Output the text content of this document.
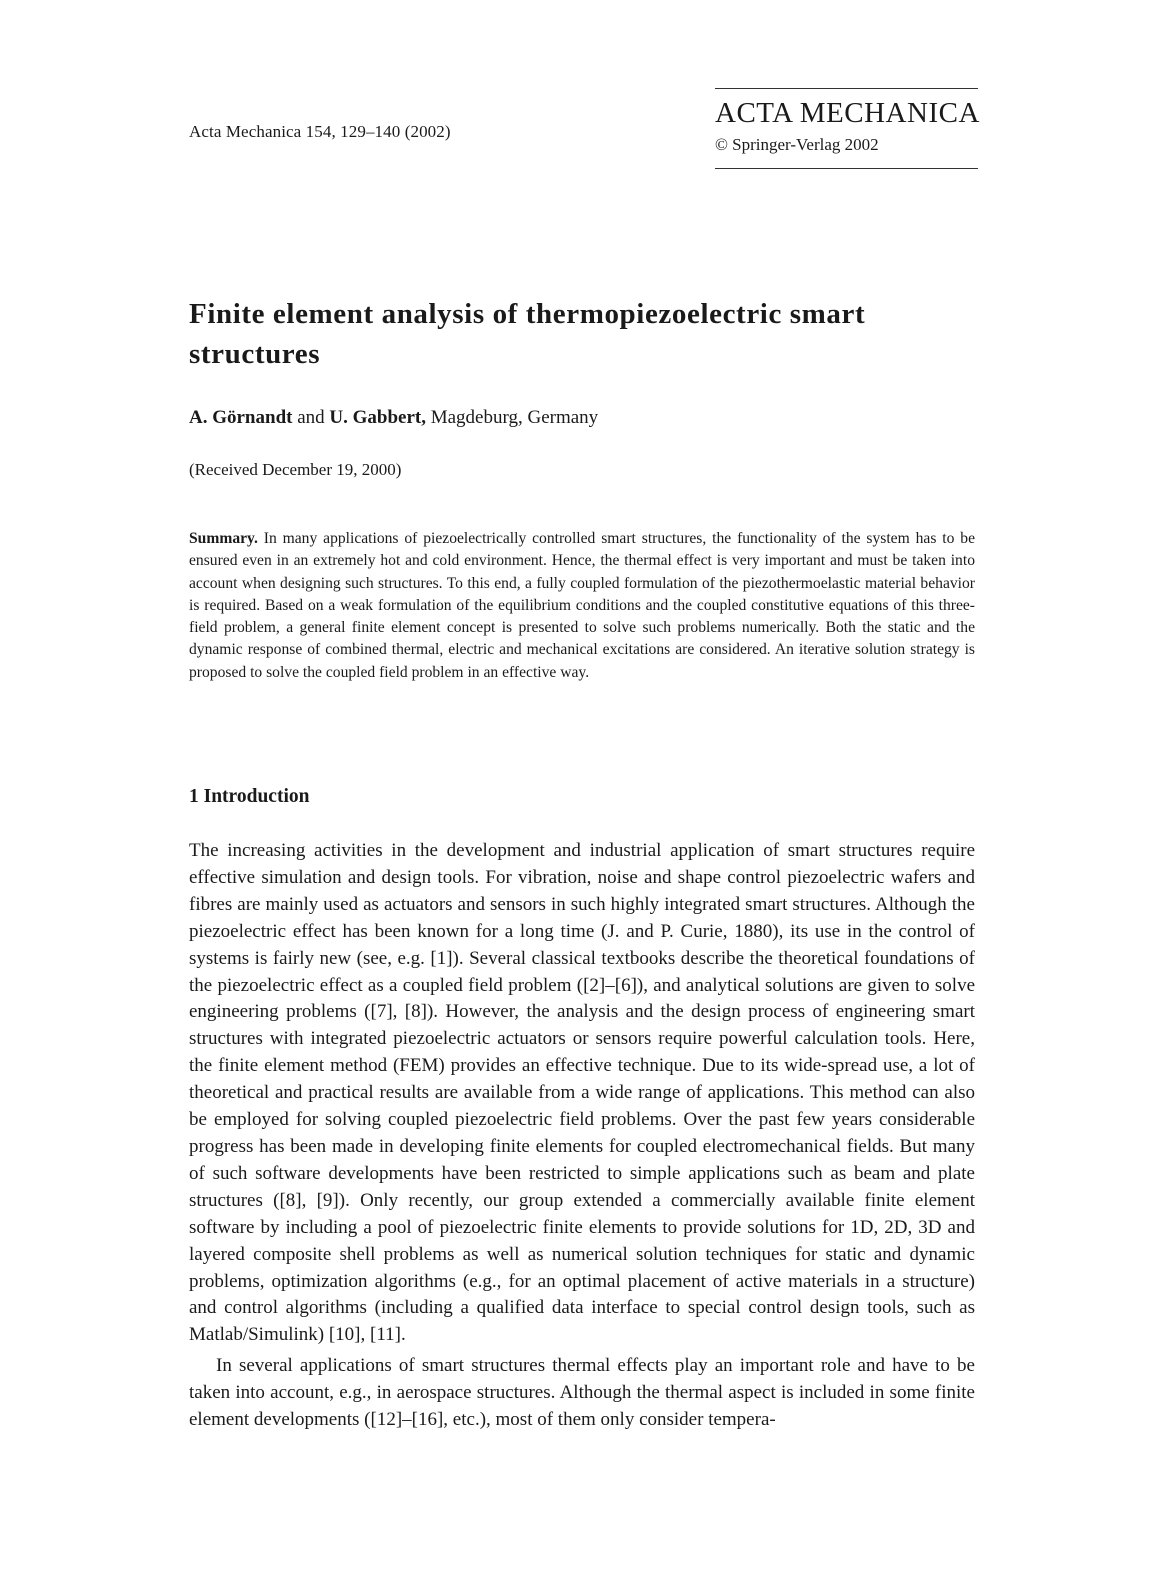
Acta Mechanica 154, 129–140 (2002)
ACTA MECHANICA
© Springer-Verlag 2002
Finite element analysis of thermopiezoelectric smart structures
A. Görnandt and U. Gabbert, Magdeburg, Germany
(Received December 19, 2000)
Summary. In many applications of piezoelectrically controlled smart structures, the functionality of the system has to be ensured even in an extremely hot and cold environment. Hence, the thermal effect is very important and must be taken into account when designing such structures. To this end, a fully coupled formulation of the piezothermoelastic material behavior is required. Based on a weak formulation of the equilibrium conditions and the coupled constitutive equations of this three-field problem, a general finite element concept is presented to solve such problems numerically. Both the static and the dynamic response of combined thermal, electric and mechanical excitations are considered. An iterative solution strategy is proposed to solve the coupled field problem in an effective way.
1 Introduction

The increasing activities in the development and industrial application of smart structures require effective simulation and design tools. For vibration, noise and shape control piezoelectric wafers and fibres are mainly used as actuators and sensors in such highly integrated smart structures. Although the piezoelectric effect has been known for a long time (J. and P. Curie, 1880), its use in the control of systems is fairly new (see, e.g. [1]). Several classical textbooks describe the theoretical foundations of the piezoelectric effect as a coupled field problem ([2]–[6]), and analytical solutions are given to solve engineering problems ([7], [8]). However, the analysis and the design process of engineering smart structures with integrated piezoelectric actuators or sensors require powerful calculation tools. Here, the finite element method (FEM) provides an effective technique. Due to its wide-spread use, a lot of theoretical and practical results are available from a wide range of applications. This method can also be employed for solving coupled piezoelectric field problems. Over the past few years considerable progress has been made in developing finite elements for coupled electromechanical fields. But many of such software developments have been restricted to simple applications such as beam and plate structures ([8], [9]). Only recently, our group extended a commercially available finite element software by including a pool of piezoelectric finite elements to provide solutions for 1D, 2D, 3D and layered composite shell problems as well as numerical solution techniques for static and dynamic problems, optimization algorithms (e.g., for an optimal placement of active materials in a structure) and control algorithms (including a qualified data interface to special control design tools, such as Matlab/Simulink) [10], [11].

In several applications of smart structures thermal effects play an important role and have to be taken into account, e.g., in aerospace structures. Although the thermal aspect is included in some finite element developments ([12]–[16], etc.), most of them only consider tempera-
